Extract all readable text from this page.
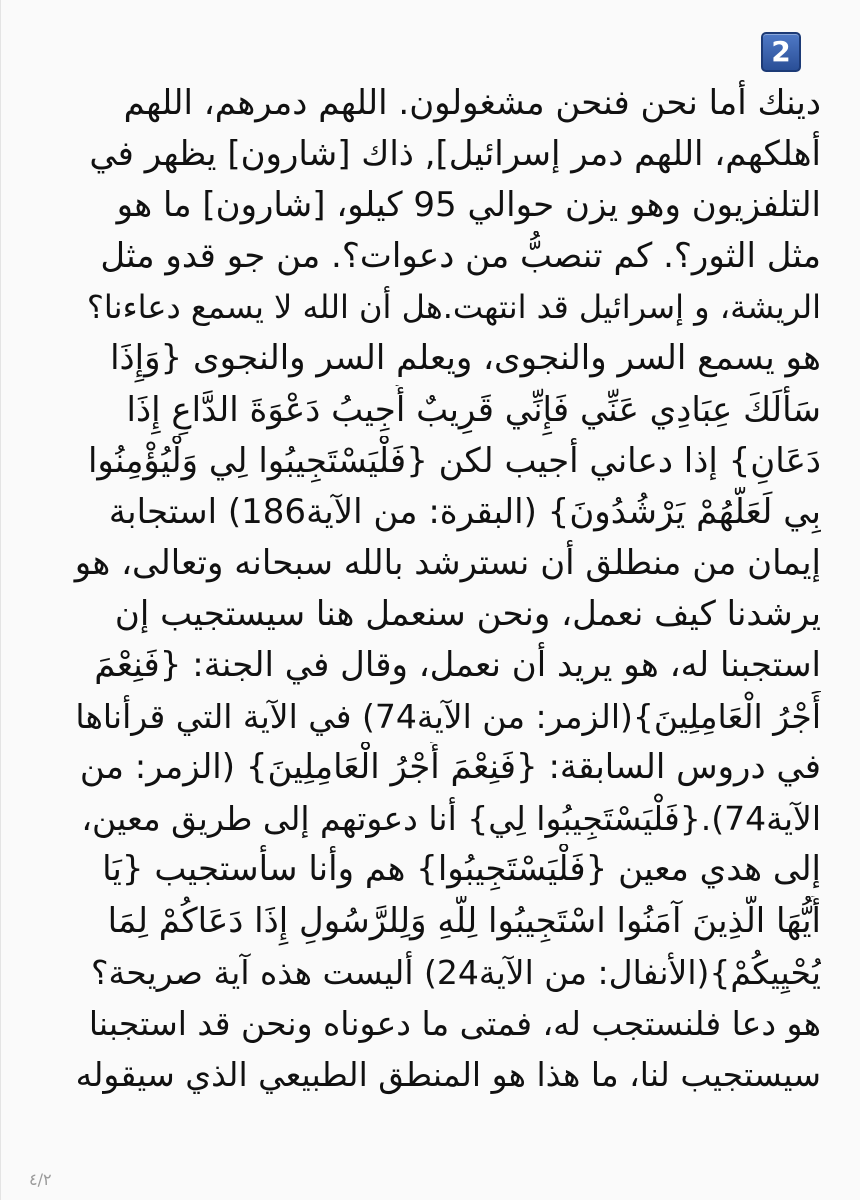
2
دينك أما نحن فنحن مشغولون. اللهم دمرهم، اللهم
أهلكهم، اللهم دمر إسرائيل], ذاك [شارون] يظهر في
التلفزيون وهو يزن حوالي 95 كيلو، [شارون] ما هو
مثل الثور؟. كم تنصبُّ من دعوات؟. من جو قدو مثل
الريشة، و إسرائيل قد انتهت.هل أن الله لا يسمع دعاءنا؟
هو يسمع السر والنجوى، ويعلم السر والنجوى {وَإِذَا
سَأَلَكَ عِبَادِي عَنِّي فَإِنِّي قَرِيبٌ أُجِيبُ دَعْوَةَ الدَّاعِ إِذَا
دَعَانِ} إذا دعاني أجيب لكن {فَلْيَسْتَجِيبُوا لِي وَلْيُؤْمِنُوا
بِي لَعَلَّهُمْ يَرْشُدُونَ} (البقرة: من الآية186) استجابة
إيمان من منطلق أن نسترشد بالله سبحانه وتعالى، هو
يرشدنا كيف نعمل، ونحن سنعمل هنا سيستجيب إن
استجبنا له، هو يريد أن نعمل، وقال في الجنة: {فَنِعْمَ
أَجْرُ الْعَامِلِينَ}(الزمر: من الآية74) في الآية التي قرأناها
في دروس السابقة: {فَنِعْمَ أَجْرُ الْعَامِلِينَ} (الزمر: من
الآية74).{فَلْيَسْتَجِيبُوا لِي} أنا دعوتهم إلى طريق معين،
إلى هدي معين {فَلْيَسْتَجِيبُوا} هم وأنا سأستجيب {يَا
أَيُّهَا الَّذِينَ آمَنُوا اسْتَجِيبُوا لِلَّهِ وَلِلرَّسُولِ إِذَا دَعَاكُمْ لِمَا
يُحْيِيكُمْ}(الأنفال: من الآية24) أليست هذه آية صريحة؟
هو دعا فلنستجب له، فمتى ما دعوناه ونحن قد استجبنا
سيستجيب لنا، ما هذا هو المنطق الطبيعي الذي سيقوله
٤/٢
